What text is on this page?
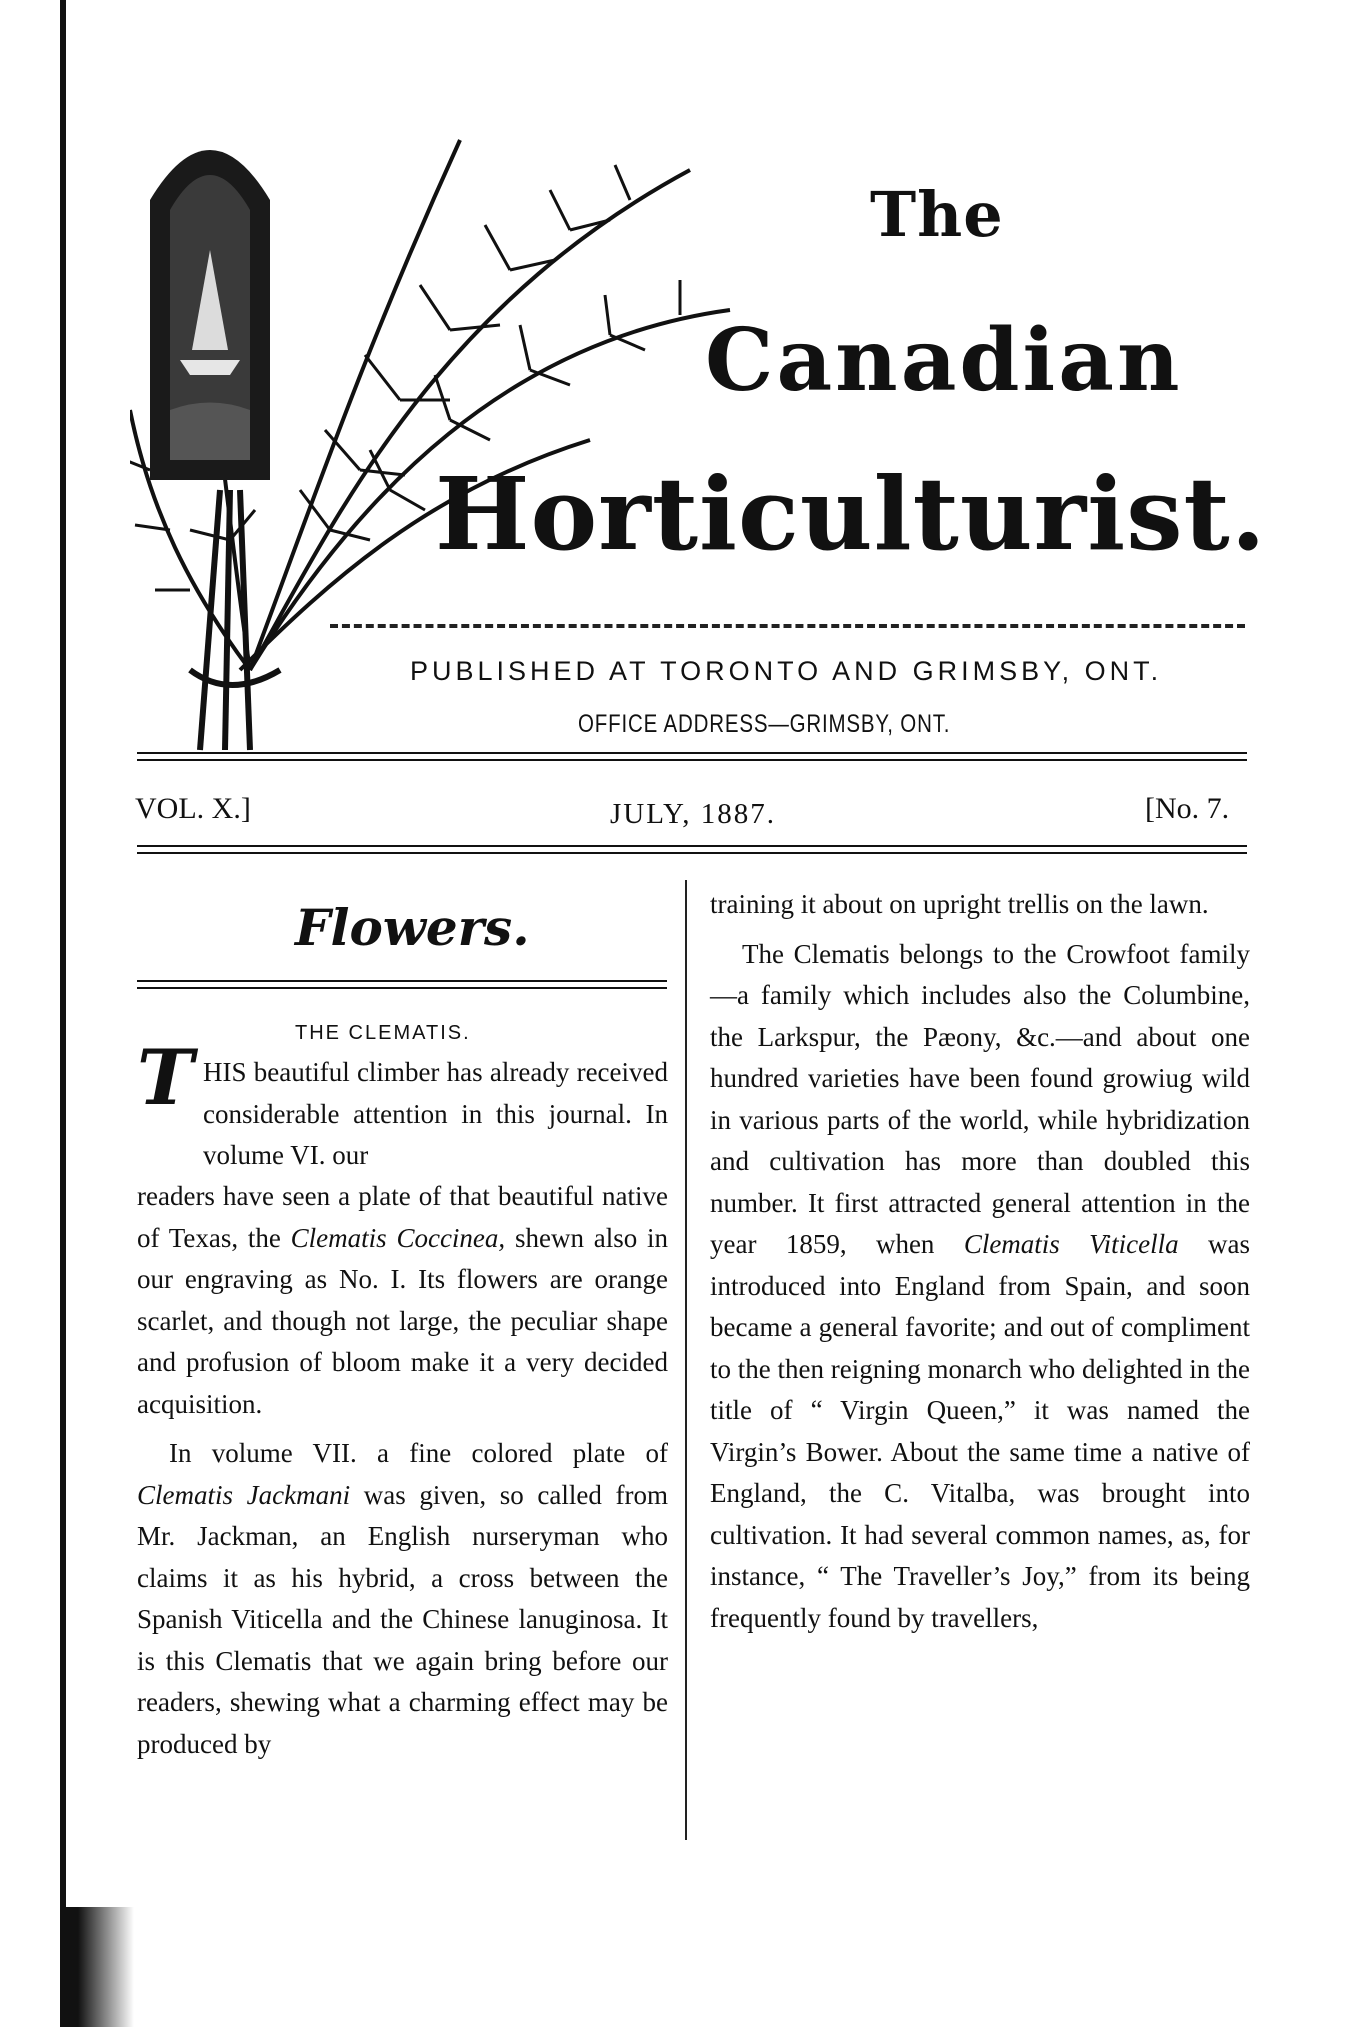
The
Canadian
Horticulturist.
PUBLISHED AT TORONTO AND GRIMSBY, ONT.
OFFICE ADDRESS—GRIMSBY, ONT.
VOL. X.]	JULY, 1887.	[No. 7.
Flowers.
THE CLEMATIS.
T HIS beautiful climber has already received considerable attention in this journal. In volume VI. our

readers have seen a plate of that beautiful native of Texas, the Clematis Coccinea, shewn also in our engraving as No. I. Its flowers are orange scarlet, and though not large, the peculiar shape and profusion of bloom make it a very decided acquisition.

In volume VII. a fine colored plate of Clematis Jackmani was given, so called from Mr. Jackman, an English nurseryman who claims it as his hybrid, a cross between the Spanish Viticella and the Chinese lanuginosa. It is this Clematis that we again bring before our readers, shewing what a charming effect may be produced by

training it about on upright trellis on the lawn.

The Clematis belongs to the Crowfoot family—a family which includes also the Columbine, the Larkspur, the Pæony, &c.—and about one hundred varieties have been found growiug wild in various parts of the world, while hybridization and cultivation has more than doubled this number. It first attracted general attention in the year 1859, when Clematis Viticella was introduced into England from Spain, and soon became a general favorite; and out of compliment to the then reigning monarch who delighted in the title of “ Virgin Queen,” it was named the Virgin’s Bower. About the same time a native of England, the C. Vitalba, was brought into cultivation. It had several common names, as, for instance, “ The Traveller’s Joy,” from its being frequently found by travellers,
